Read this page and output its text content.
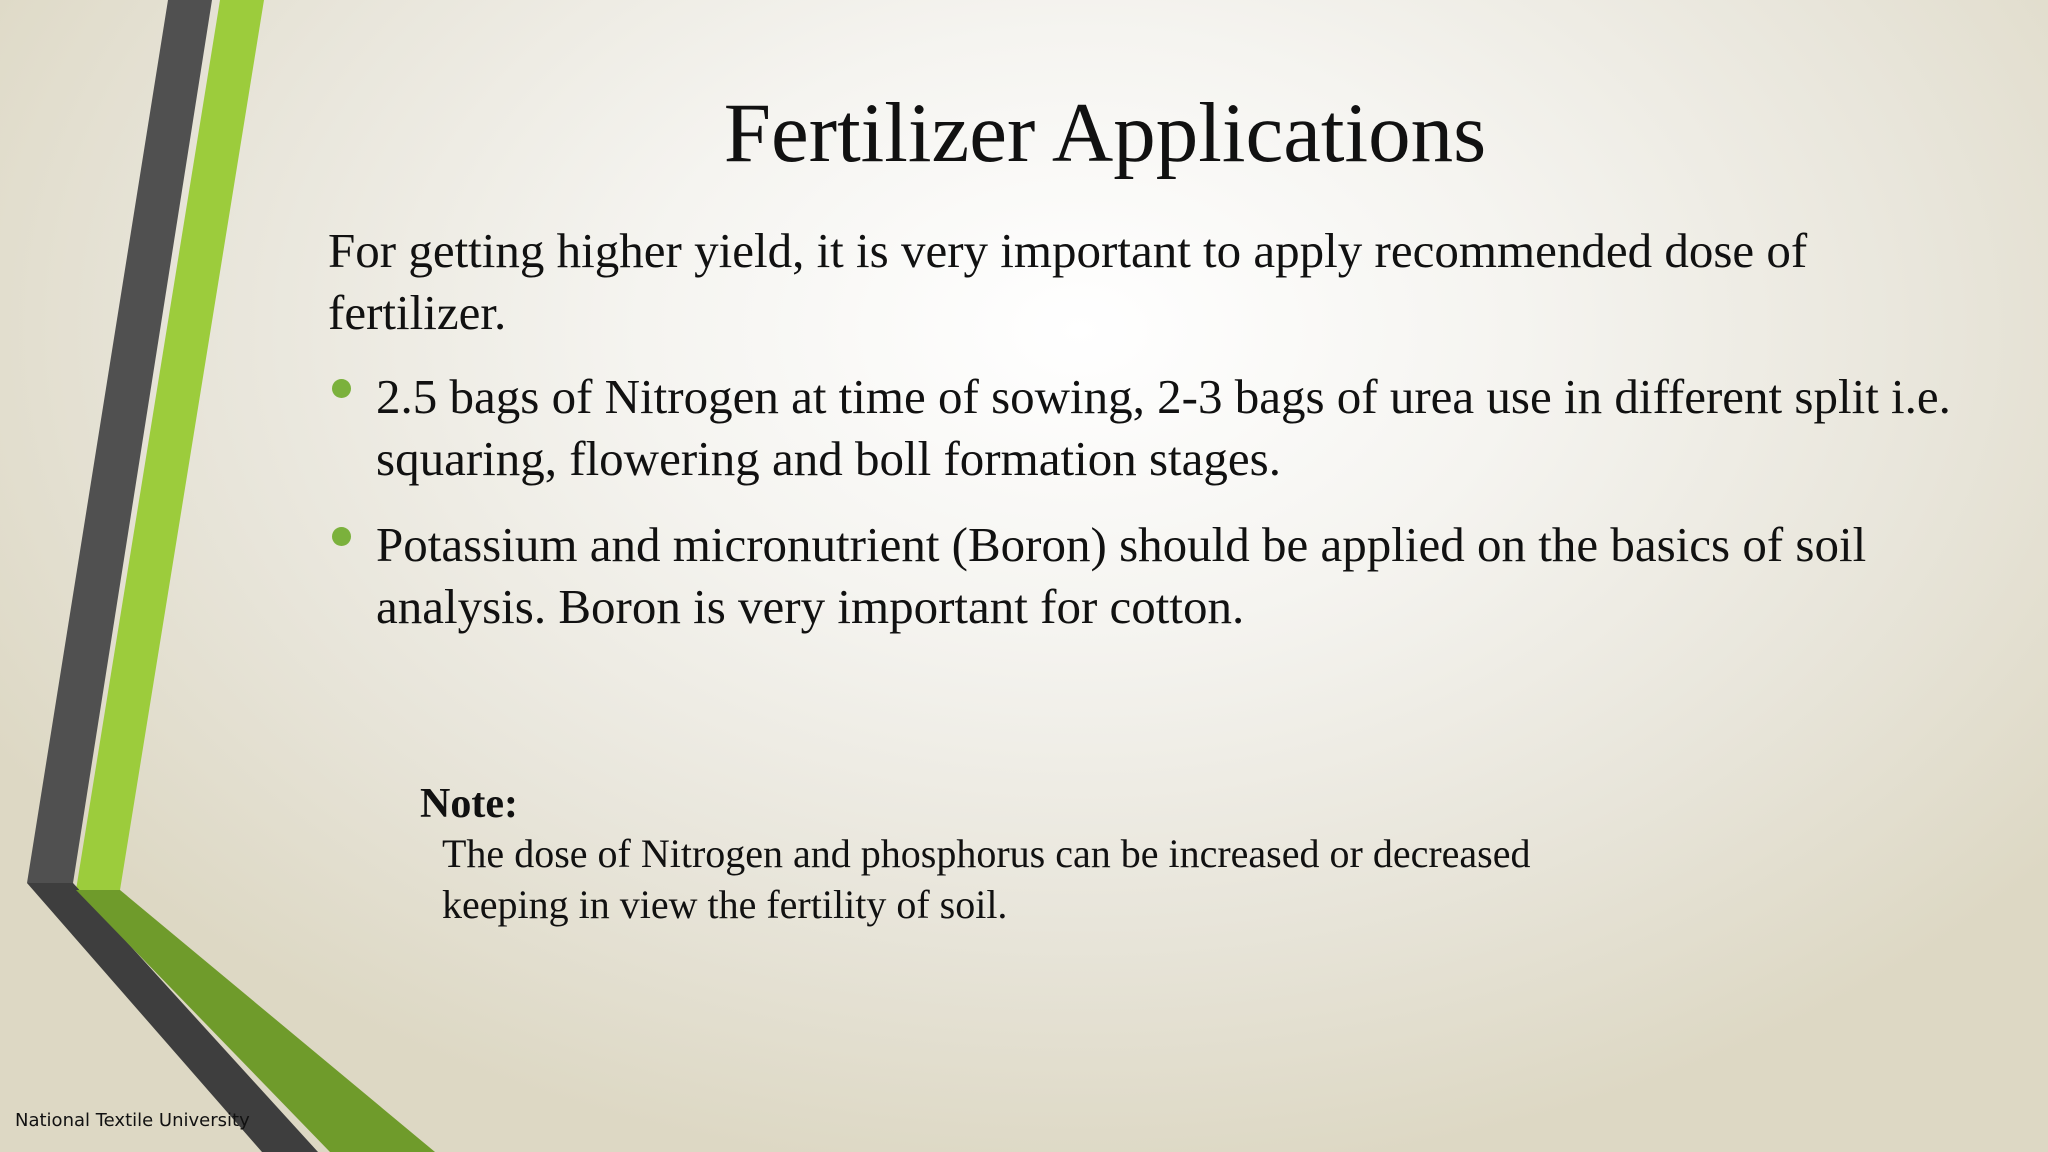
Fertilizer Applications
For getting higher yield, it is very important to apply recommended dose of fertilizer.
2.5 bags of Nitrogen at time of sowing, 2-3 bags of urea use in different split i.e. squaring, flowering and boll formation stages.
Potassium and micronutrient (Boron) should be applied on the basics of soil analysis. Boron is very important for cotton.
Note:
The dose of Nitrogen and phosphorus can be increased or decreased
keeping in view the fertility of soil.
National Textile University
